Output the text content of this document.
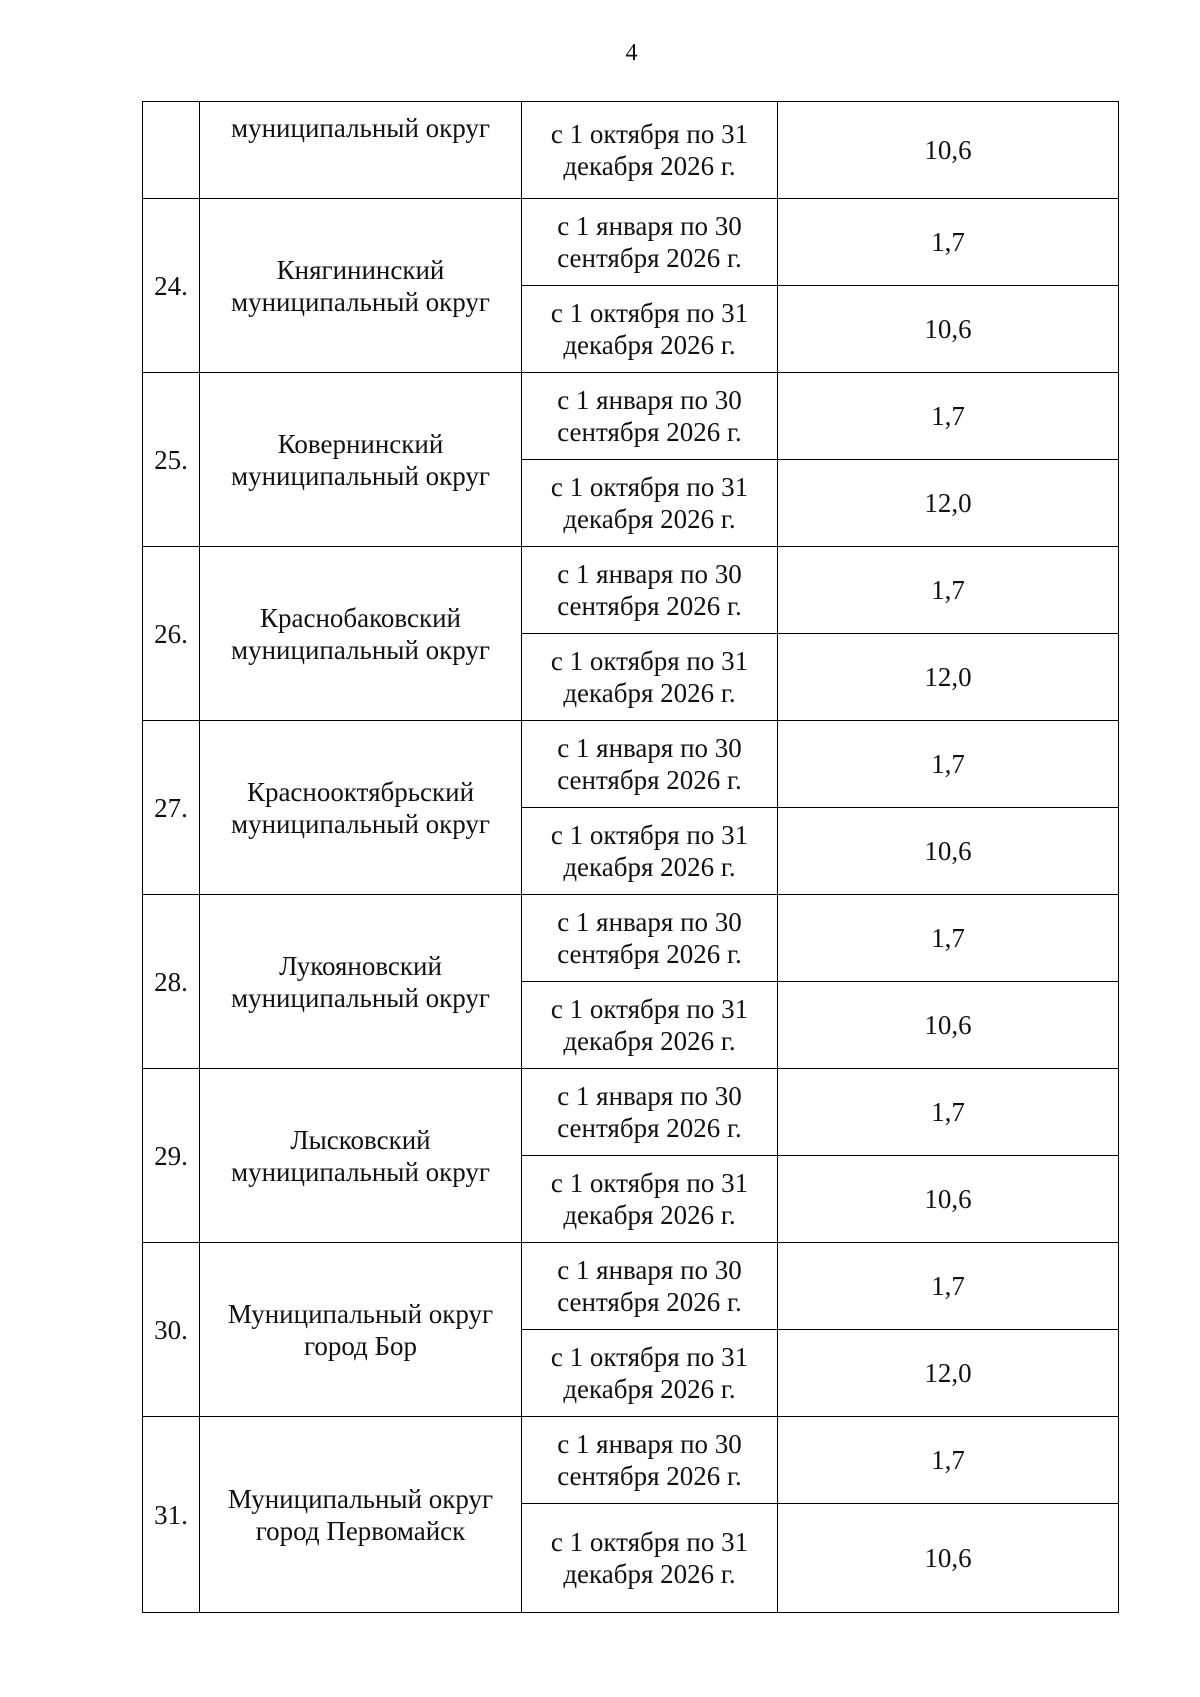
4
	муниципальный округ	с 1 октября по 31 декабря 2026 г.	10,6
24.	Княгининский муниципальный округ	с 1 января по 30 сентября 2026 г.	1,7
		с 1 октября по 31 декабря 2026 г.	10,6
25.	Ковернинский муниципальный округ	с 1 января по 30 сентября 2026 г.	1,7
		с 1 октября по 31 декабря 2026 г.	12,0
26.	Краснобаковский муниципальный округ	с 1 января по 30 сентября 2026 г.	1,7
		с 1 октября по 31 декабря 2026 г.	12,0
27.	Краснооктябрьский муниципальный округ	с 1 января по 30 сентября 2026 г.	1,7
		с 1 октября по 31 декабря 2026 г.	10,6
28.	Лукояновский муниципальный округ	с 1 января по 30 сентября 2026 г.	1,7
		с 1 октября по 31 декабря 2026 г.	10,6
29.	Лысковский муниципальный округ	с 1 января по 30 сентября 2026 г.	1,7
		с 1 октября по 31 декабря 2026 г.	10,6
30.	Муниципальный округ город Бор	с 1 января по 30 сентября 2026 г.	1,7
		с 1 октября по 31 декабря 2026 г.	12,0
31.	Муниципальный округ город Первомайск	с 1 января по 30 сентября 2026 г.	1,7
		с 1 октября по 31 декабря 2026 г.	10,6
